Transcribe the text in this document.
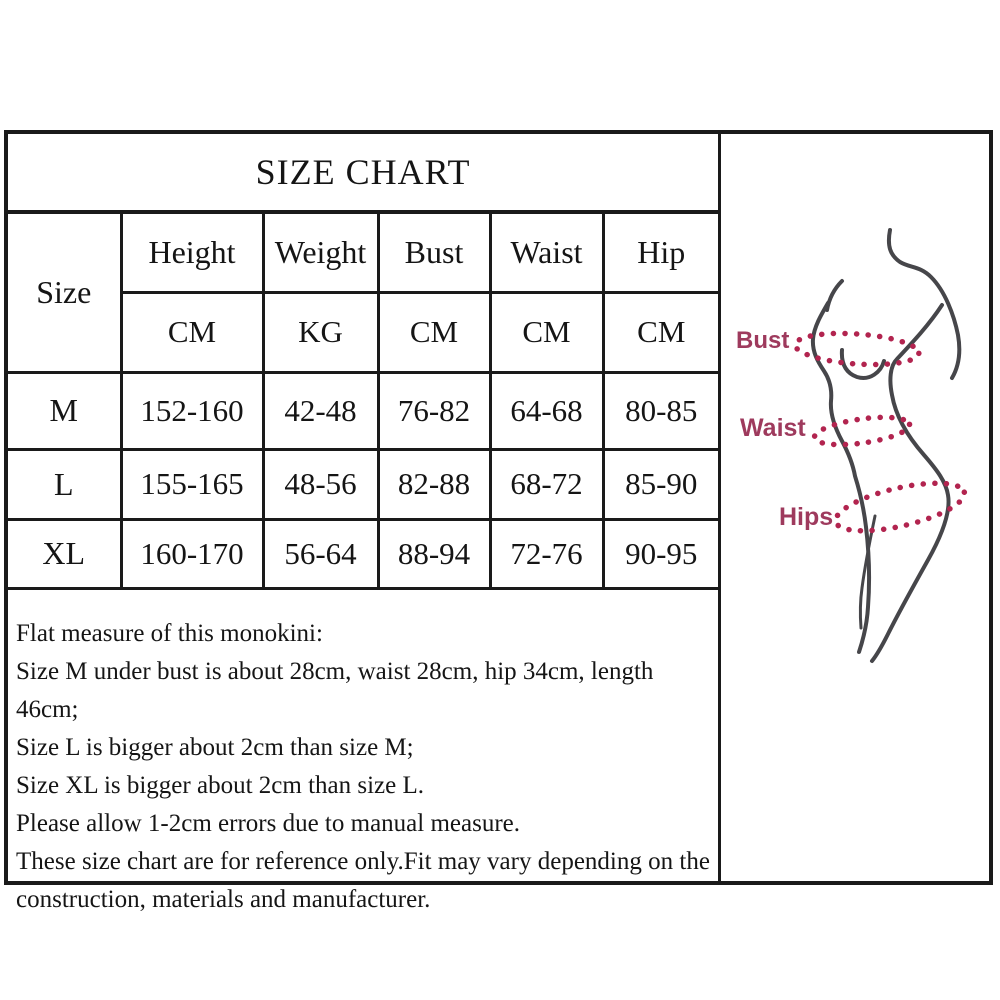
SIZE CHART					
Size	Height	Weight	Bust	Waist	Hip
	CM	KG	CM	CM	CM
M	152-160	42-48	76-82	64-68	80-85
L	155-165	48-56	82-88	68-72	85-90
XL	160-170	56-64	88-94	72-76	90-95

Flat measure of this monokini:

Size M under bust is about 28cm, waist 28cm, hip 34cm, length 46cm;

Size L is bigger about 2cm than size M;

Size XL is bigger about 2cm than size L.

Please allow 1-2cm errors due to manual measure.

These size chart are for reference only.Fit may vary depending on the construction, materials and manufacturer.

Bust
Waist
Hips
